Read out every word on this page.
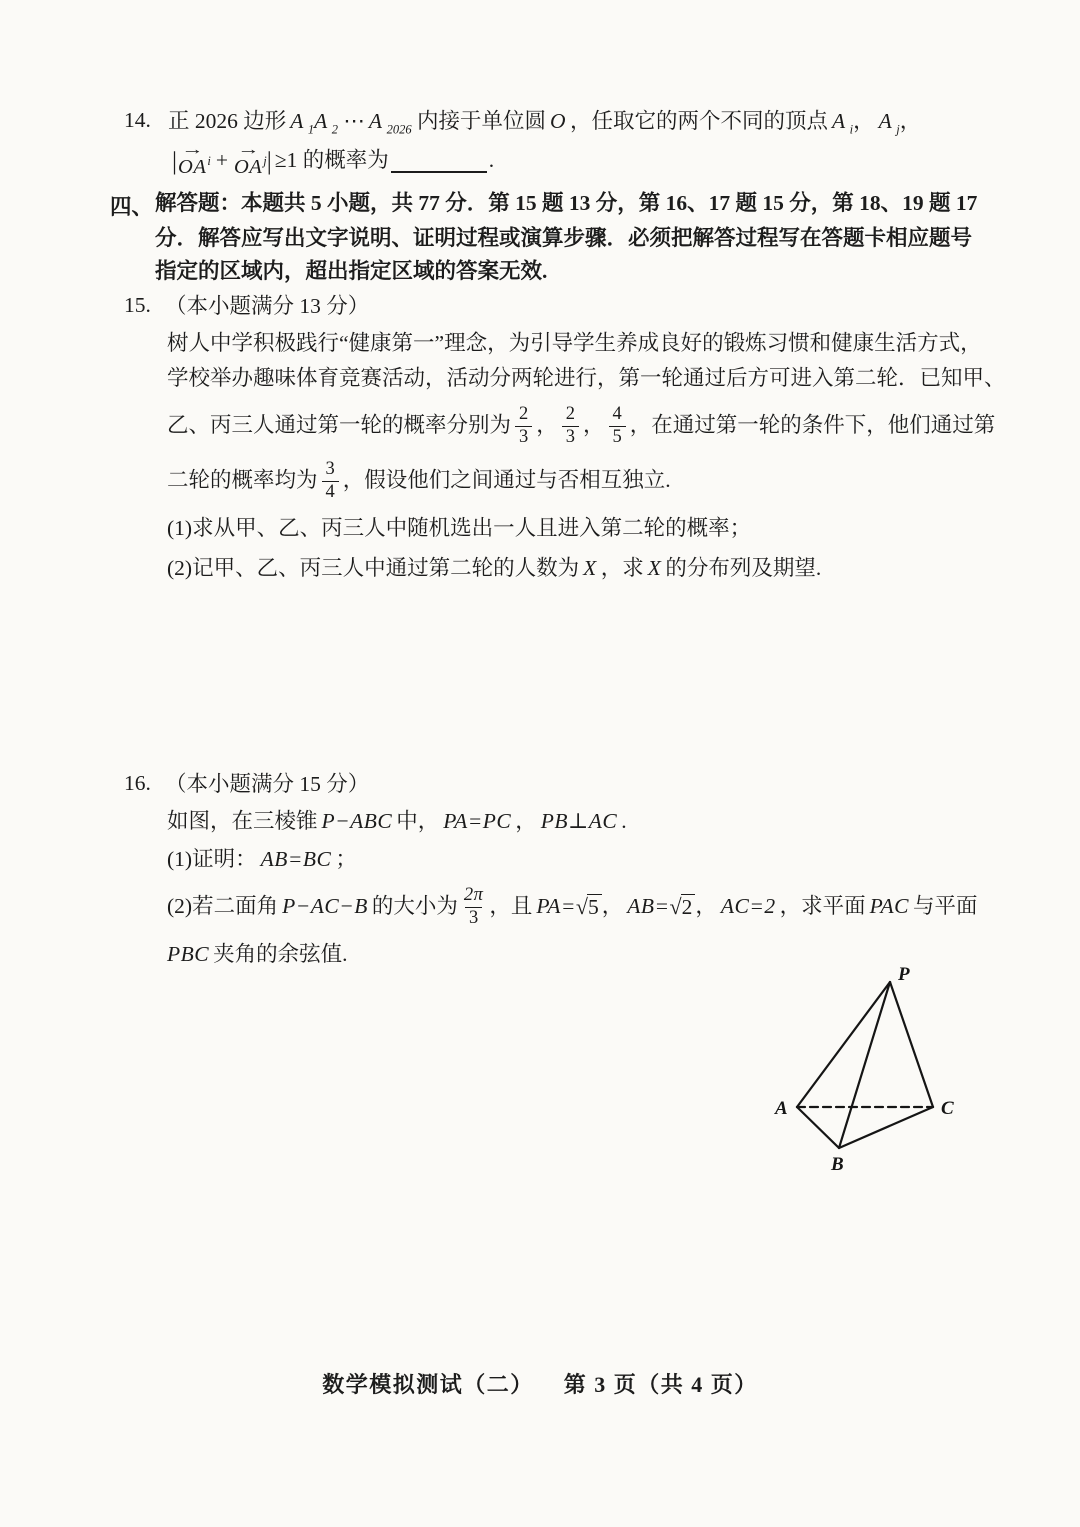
14. 正 2026 边形 A $_1$A $_2$ ⋯ A $_{2026}$ 内接于单位圆 O ，任取它的两个不同的顶点 A $_i$， A $_j$，
| →
OA i + →
OA j | ≥1 的概率为	.
四、 解答题：本题共 5 小题，共 77 分．第 15 题 13 分，第 16、17 题 15 分，第 18、19 题 17
分．解答应写出文字说明、证明过程或演算步骤．必须把解答过程写在答题卡相应题号
指定的区域内，超出指定区域的答案无效.
15. （本小题满分 13 分）
树人中学积极践行“健康第一”理念，为引导学生养成良好的锻炼习惯和健康生活方式，
学校举办趣味体育竞赛活动，活动分两轮进行，第一轮通过后方可进入第二轮．已知甲、
乙、丙三人通过第一轮的概率分别为 $\frac{2}{3}$ ， $\frac{2}{3}$ ， $\frac{4}{5}$ ，在通过第一轮的条件下，他们通过第
二轮的概率均为 $\frac{3}{4}$ ，假设他们之间通过与否相互独立.
(1)求从甲、乙、丙三人中随机选出一人且进入第二轮的概率；
(2)记甲、乙、丙三人中通过第二轮的人数为 X ，求 X 的分布列及期望.
16. （本小题满分 15 分）
如图，在三棱锥 P−ABC 中， PA=PC ， PB⊥AC .
(1)证明： AB=BC ；
(2)若二面角 P−AC−B 的大小为 $\frac{2\pi}{3}$ ，且 PA= √ 5 ， AB= √ 2 ， AC=2 ，求平面 PAC 与平面
PBC 夹角的余弦值.
P
A	C
B
数学模拟测试（二） 第 3 页（共 4 页）
